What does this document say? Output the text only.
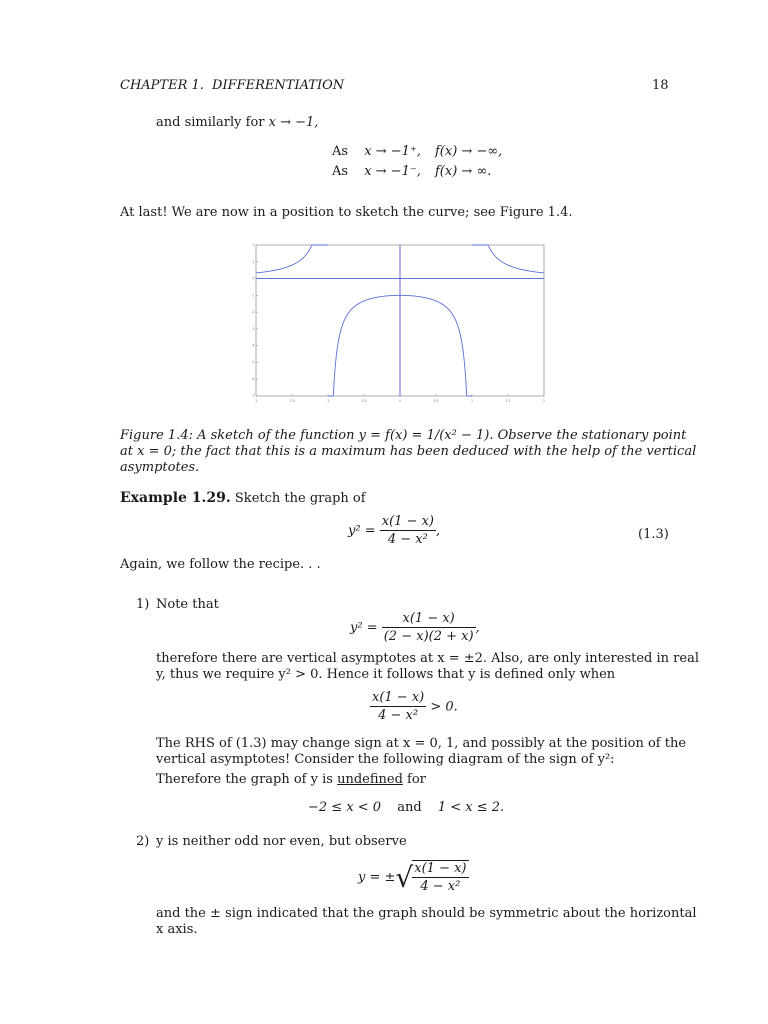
CHAPTER 1. DIFFERENTIATION	18
and similarly for x → −1,
As x → −1⁺, f(x) → −∞,
As x → −1⁻, f(x) → ∞.
At last! We are now in a position to sketch the curve; see Figure 1.4.
-2	-1.5	-1	-0.5	0	0.5	1	1.5	2
2
1
0
-1
-2
-3
-4
-5
-6
-7
Figure 1.4: A sketch of the function y = f(x) = 1/(x² − 1). Observe the stationary point
at x = 0; the fact that this is a maximum has been deduced with the help of the vertical
asymptotes.
Example 1.29. Sketch the graph of
$y^2 = \frac{x(1 - x)}{\text{4 − x²}}$ ,	(1.3)
Again, we follow the recipe. . .
1) Note that
$y^2 = \frac{x(1 - x)}{(2 - x)(2 + x)}$ ,
therefore there are vertical asymptotes at x = ±2. Also, are only interested in real
y, thus we require y² > 0. Hence it follows that y is defined only when
$\frac{x(1 - x)}{\text{4 − x²}} > 0$.
The RHS of (1.3) may change sign at x = 0, 1, and possibly at the position of the
vertical asymptotes! Consider the following diagram of the sign of y²:
Therefore the graph of y is undefined for
−2 ≤ x < 0 and 1 < x ≤ 2.
2) y is neither odd nor even, but observe
y = ±√ $\frac{x(1 - x)}{\text{4 − x²}}$
and the ± sign indicated that the graph should be symmetric about the horizontal
x axis.
